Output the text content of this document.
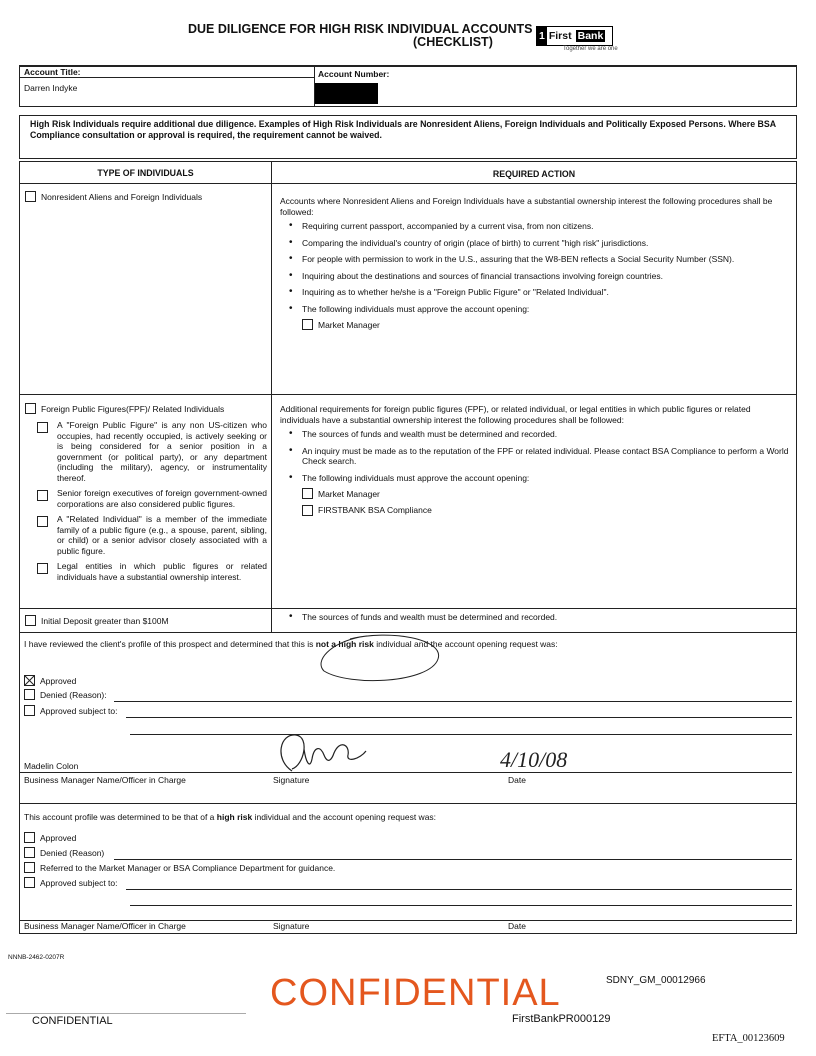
DUE DILIGENCE FOR HIGH RISK INDIVIDUAL ACCOUNTS
(CHECKLIST)	1 First Bank
Together we are one
Account Title:
Darren Indyke
Account Number:
High Risk Individuals require additional due diligence. Examples of High Risk Individuals are Nonresident Aliens, Foreign Individuals and Politically Exposed Persons. Where BSA Compliance consultation or approval is required, the requirement cannot be waived.
TYPE OF INDIVIDUALS	REQUIRED ACTION
Nonresident Aliens and Foreign Individuals	Accounts where Nonresident Aliens and Foreign Individuals have a substantial ownership interest the following procedures shall be followed:
• Requiring current passport, accompanied by a current visa, from non citizens.
• Comparing the individual's country of origin (place of birth) to current "high risk" jurisdictions.
• For people with permission to work in the U.S., assuring that the W8-BEN reflects a Social Security Number (SSN).
• Inquiring about the destinations and sources of financial transactions involving foreign countries.
• Inquiring as to whether he/she is a "Foreign Public Figure" or "Related Individual".
• The following individuals must approve the account opening:
Market Manager
Foreign Public Figures(FPF)/ Related Individuals
A "Foreign Public Figure" is any non US-citizen who occupies, had recently occupied, is actively seeking or is being considered for a senior position in a government (or political party), or any department (including the military), agency, or instrumentality thereof.
Senior foreign executives of foreign government-owned corporations are also considered public figures.
A "Related Individual" is a member of the immediate family of a public figure (e.g., a spouse, parent, sibling, or child) or a senior advisor closely associated with a public figure.
Legal entities in which public figures or related individuals have a substantial ownership interest.
Additional requirements for foreign public figures (FPF), or related individual, or legal entities in which public figures or related individuals have a substantial ownership interest the following procedures shall be followed:
• The sources of funds and wealth must be determined and recorded.
• An inquiry must be made as to the reputation of the FPF or related individual. Please contact BSA Compliance to perform a World Check search.
• The following individuals must approve the account opening:
Market Manager
FIRSTBANK BSA Compliance
Initial Deposit greater than $100M
•	The sources of funds and wealth must be determined and recorded.
I have reviewed the client's profile of this prospect and determined that this is not a high risk individual and the account opening request was:
Approved
Denied (Reason):
Approved subject to:
Madelin Colon	4/10/08
Business Manager Name/Officer in Charge	Signature	Date
This account profile was determined to be that of a high risk individual and the account opening request was:
Approved
Denied (Reason)
Referred to the Market Manager or BSA Compliance Department for guidance.
Approved subject to:
Business Manager Name/Officer in Charge	Signature	Date
NNNB-2462-0207R
CONFIDENTIAL	SDNY_GM_00012966
CONFIDENTIAL	FirstBankPR000129
EFTA_00123609
